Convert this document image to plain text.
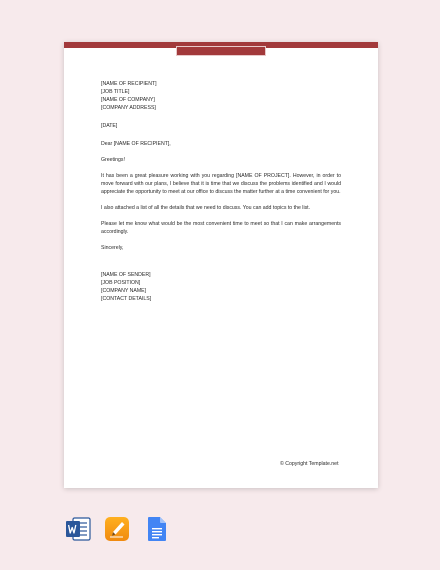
[NAME OF RECIPIENT]
[JOB TITLE]
[NAME OF COMPANY]
[COMPANY ADDRESS]
[DATE]
Dear [NAME OF RECIPIENT],
Greetings!

It has been a great pleasure working with you regarding [NAME OF PROJECT]. However, in order to move forward with our plans, I believe that it is time that we discuss the problems identified and I would appreciate the opportunity to meet at our office to discuss the matter further at a time convenient for you.

I also attached a list of all the details that we need to discuss. You can add topics to the list.

Please let me know what would be the most convenient time to meet so that I can make arrangements accordingly.

Sincerely,
[NAME OF SENDER]
[JOB POSITION]
[COMPANY NAME]
[CONTACT DETAILS]
© Copyright Template.net
